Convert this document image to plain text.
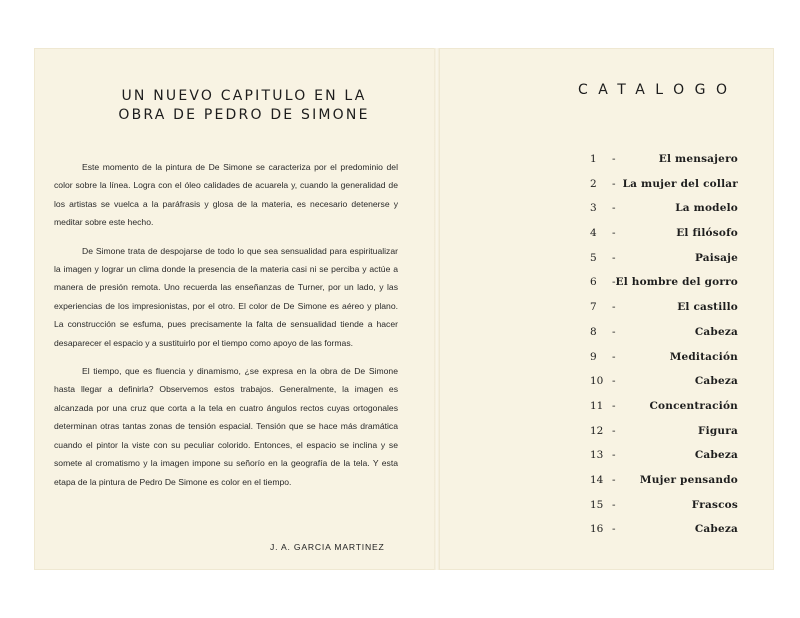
UN NUEVO CAPITULO EN LA
OBRA DE PEDRO DE SIMONE

Este momento de la pintura de De Simone se caracteriza por el predominio del color sobre la línea. Logra con el óleo calidades de acuarela y, cuando la generalidad de los artistas se vuelca a la paráfrasis y glosa de la materia, es necesario detenerse y meditar sobre este hecho.

De Simone trata de despojarse de todo lo que sea sensualidad para espiritualizar la imagen y lograr un clima donde la presencia de la materia casi ni se perciba y actúe a manera de presión remota. Uno recuerda las enseñanzas de Turner, por un lado, y las experiencias de los impresionistas, por el otro. El color de De Simone es aéreo y plano. La construcción se esfuma, pues precisamente la falta de sensualidad tiende a hacer desaparecer el espacio y a sustituirlo por el tiempo como apoyo de las formas.

El tiempo, que es fluencia y dinamismo, ¿se expresa en la obra de De Simone hasta llegar a definirla? Observemos estos trabajos. Generalmente, la imagen es alcanzada por una cruz que corta a la tela en cuatro ángulos rectos cuyas ortogonales determinan otras tantas zonas de tensión espacial. Tensión que se hace más dramática cuando el pintor la viste con su peculiar colorido. Entonces, el espacio se inclina y se somete al cromatismo y la imagen impone su señorío en la geografía de la tela. Y esta etapa de la pintura de Pedro De Simone es color en el tiempo.

J. A. GARCIA MARTINEZ
CATALOGO
1 -	El mensajero
2 - La mujer del collar
3 -	La modelo
4 -	El filósofo
5 -	Paisaje
6 - El hombre del gorro
7 -	El castillo
8 -	Cabeza
9 -	Meditación
10 -	Cabeza
11 -	Concentración
12 -	Figura
13 -	Cabeza
14 - Mujer pensando
15 -	Frascos
16 -	Cabeza
